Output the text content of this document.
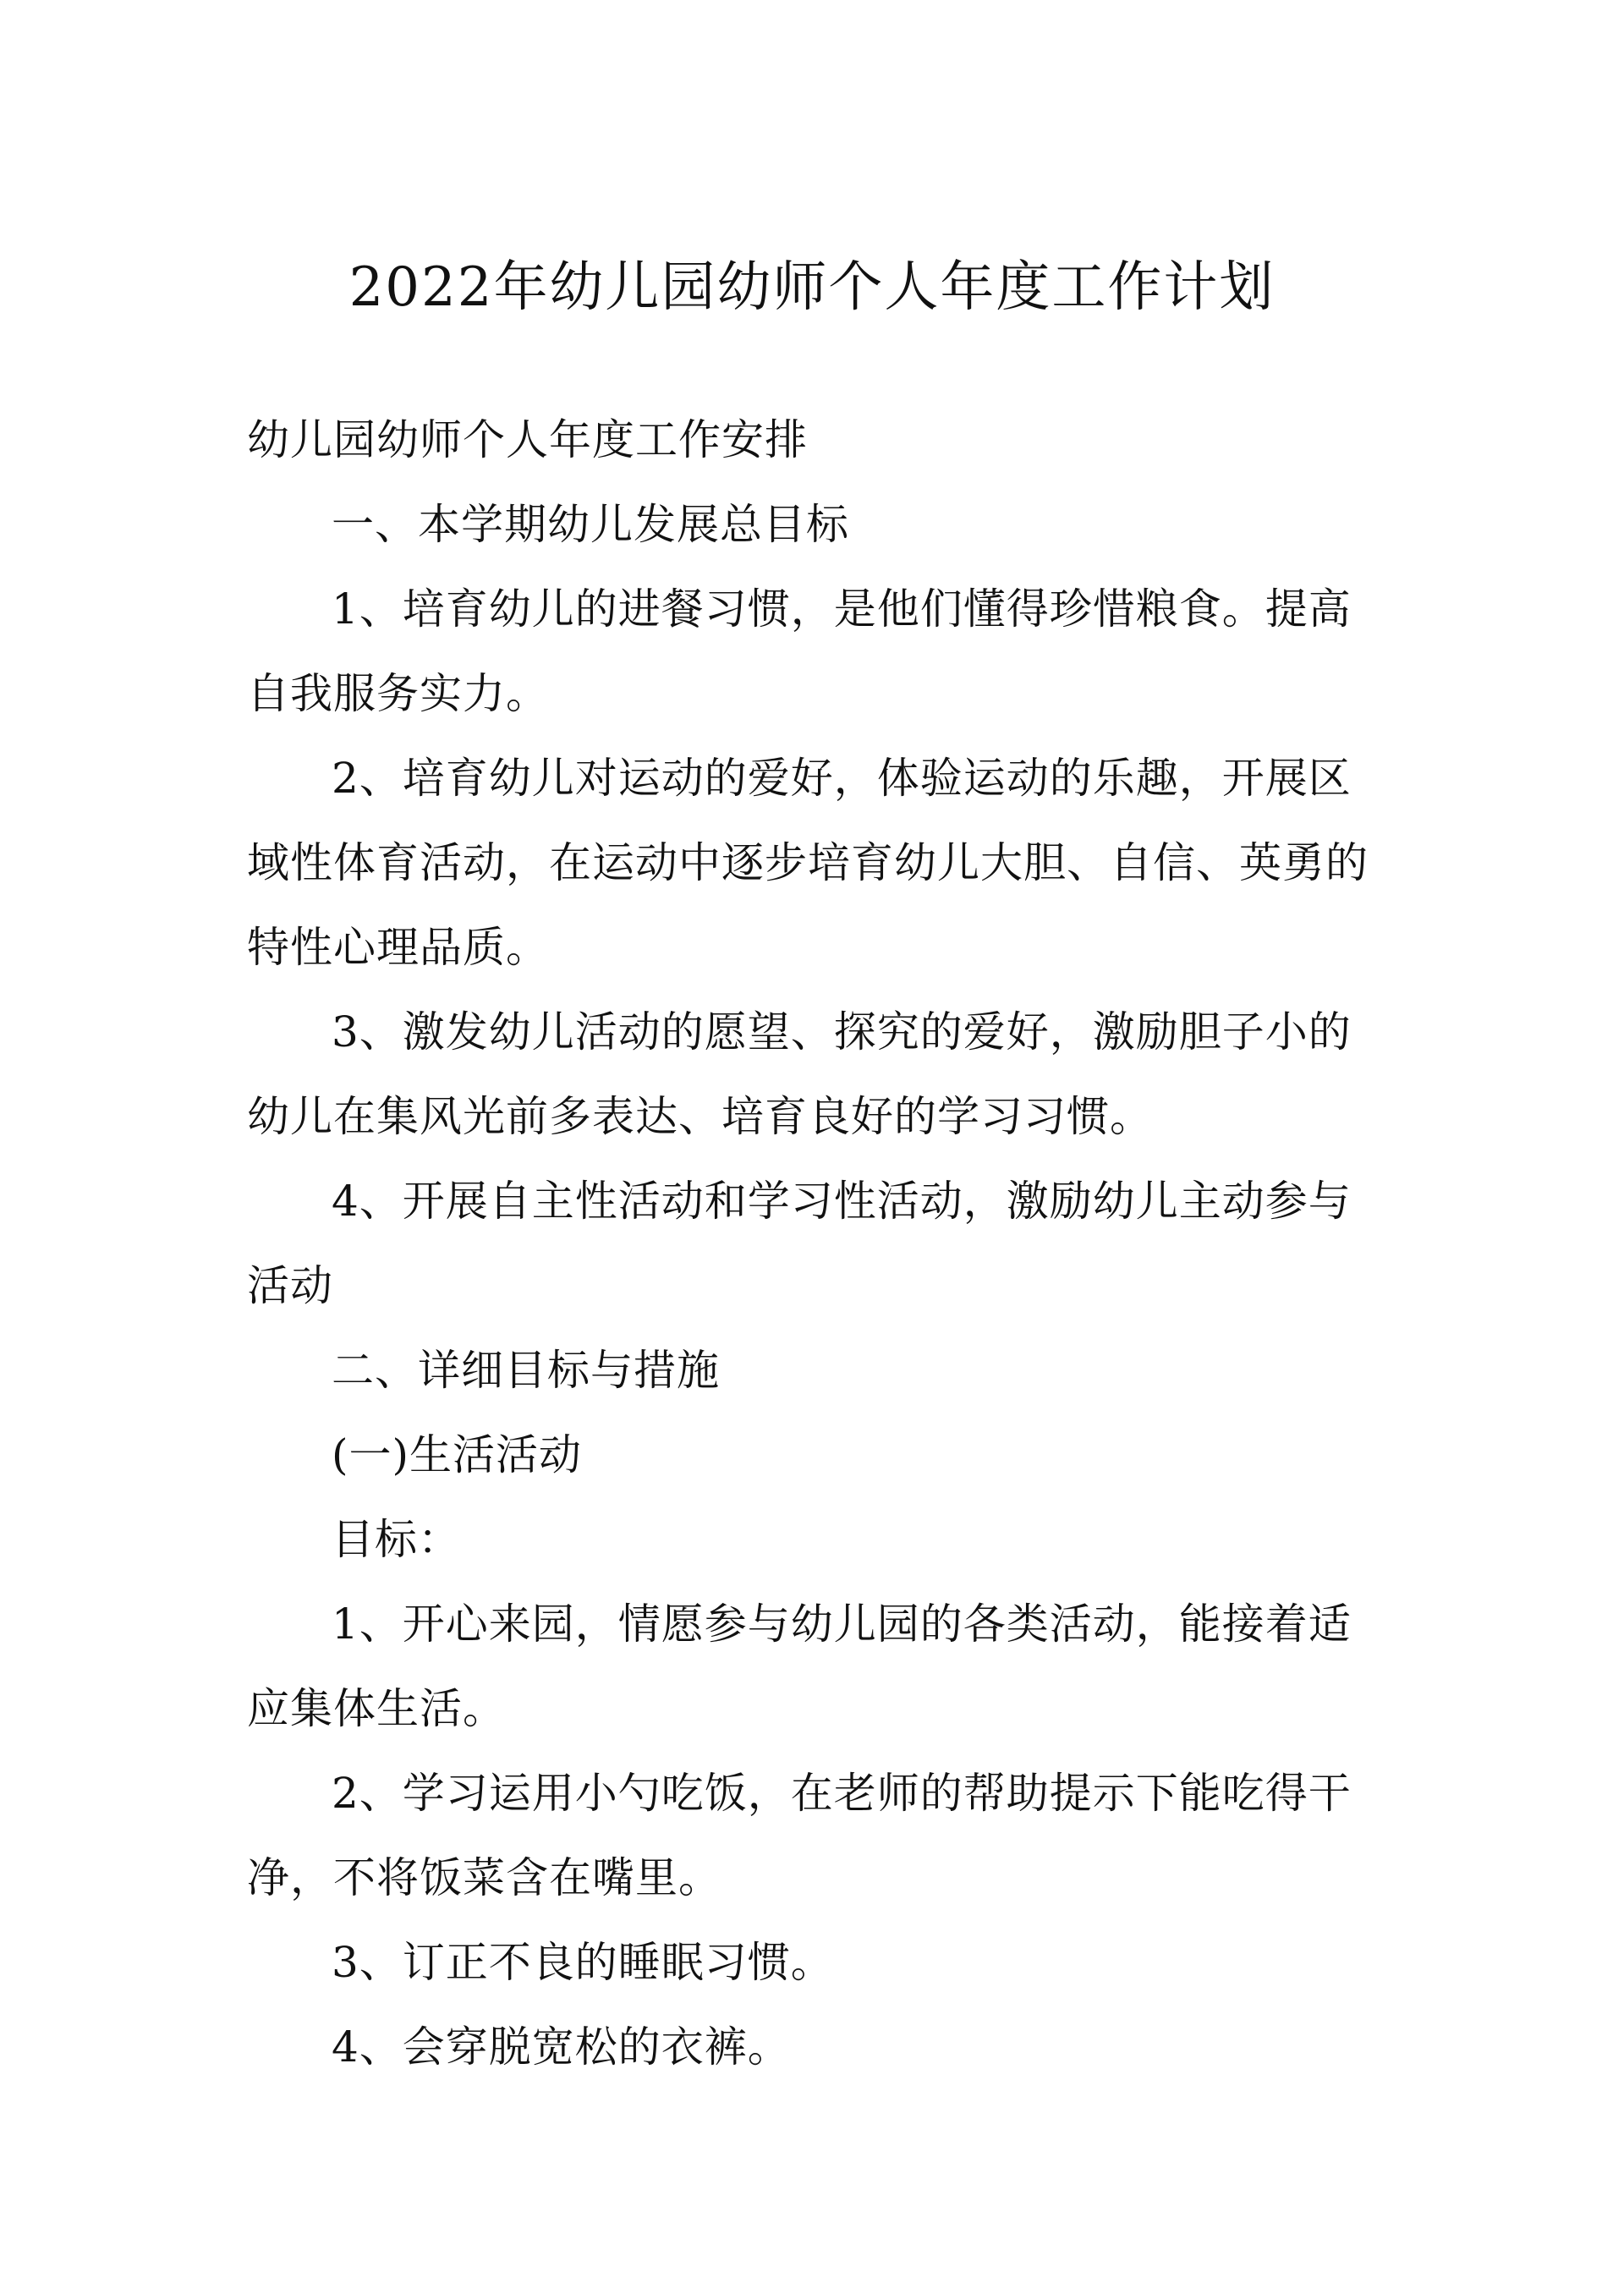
2022年幼儿园幼师个人年度工作计划

幼儿园幼师个人年度工作安排

一、本学期幼儿发展总目标

1、培育幼儿的进餐习惯，是他们懂得珍惜粮食。提高

自我服务实力。

2、培育幼儿对运动的爱好，体验运动的乐趣，开展区

域性体育活动，在运动中逐步培育幼儿大胆、自信、英勇的

特性心理品质。

3、激发幼儿活动的愿望、探究的爱好，激励胆子小的

幼儿在集风光前多表达、培育良好的学习习惯。

4、开展自主性活动和学习性活动，激励幼儿主动参与

活动

二、详细目标与措施

(一)生活活动

目标：

1、开心来园，情愿参与幼儿园的各类活动，能接着适

应集体生活。

2、学习运用小勺吃饭，在老师的帮助提示下能吃得干

净，不将饭菜含在嘴里。

3、订正不良的睡眠习惯。

4、会穿脱宽松的衣裤。
